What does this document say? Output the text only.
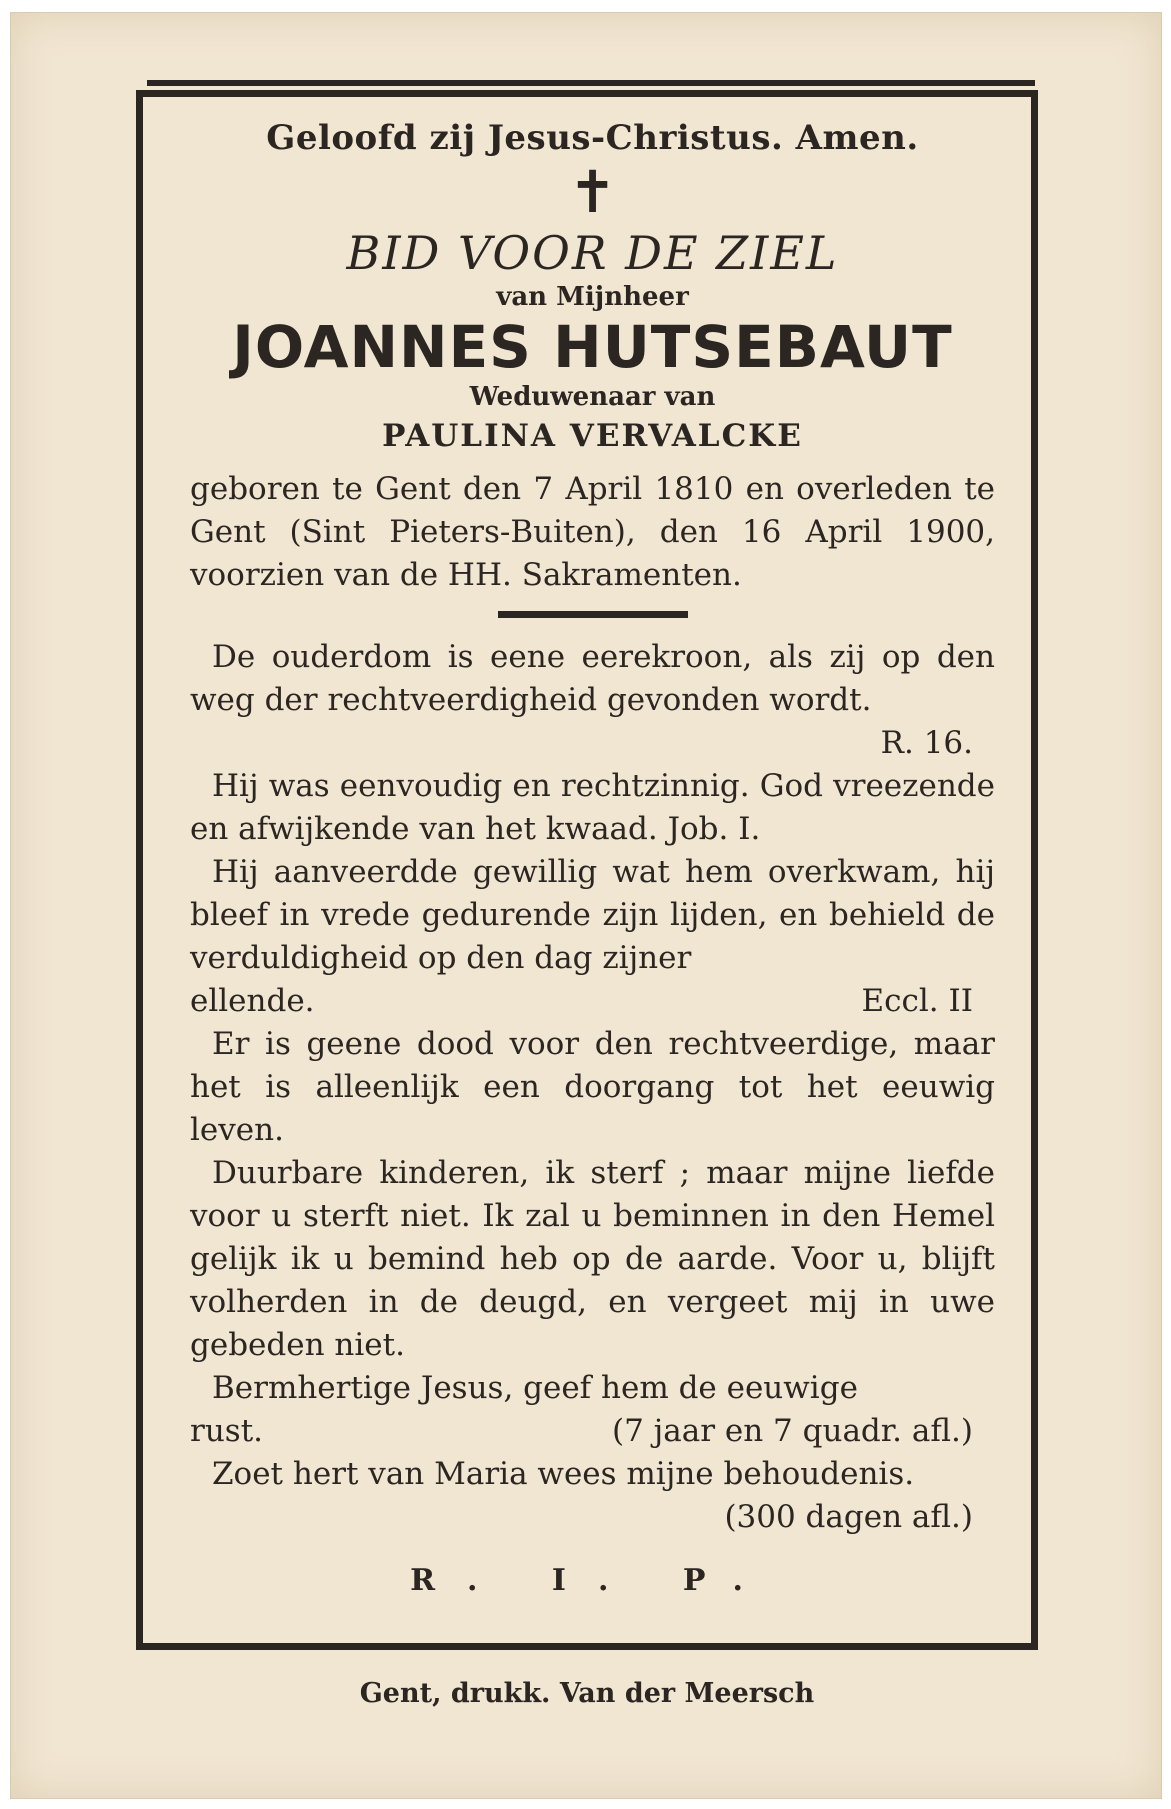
Geloofd zij Jesus-Christus. Amen.
✝
BID VOOR DE ZIEL
van Mijnheer
JOANNES HUTSEBAUT
Weduwenaar van
PAULINA VERVALCKE
geboren te Gent den 7 April 1810 en overleden te Gent (Sint Pieters-Buiten), den 16 April 1900, voorzien van de HH. Sakramenten.
De ouderdom is eene eerekroon, als zij op den weg der rechtveerdigheid gevonden wordt.
R. 16.
Hij was eenvoudig en rechtzinnig. God vreezende en afwijkende van het kwaad. Job. I.
Hij aanveerdde gewillig wat hem overkwam, hij bleef in vrede gedurende zijn lijden, en behield de verduldigheid op den dag zijner
ellende.	Eccl. II
Er is geene dood voor den rechtveerdige, maar het is alleenlijk een doorgang tot het eeuwig leven.
Duurbare kinderen, ik sterf ; maar mijne liefde voor u sterft niet. Ik zal u beminnen in den Hemel gelijk ik u bemind heb op de aarde. Voor u, blijft volherden in de deugd, en vergeet mij in uwe gebeden niet.
Bermhertige Jesus, geef hem de eeuwige
rust.	(7 jaar en 7 quadr. afl.)
Zoet hert van Maria wees mijne behoudenis.
(300 dagen afl.)
R. I. P.
Gent, drukk. Van der Meersch
